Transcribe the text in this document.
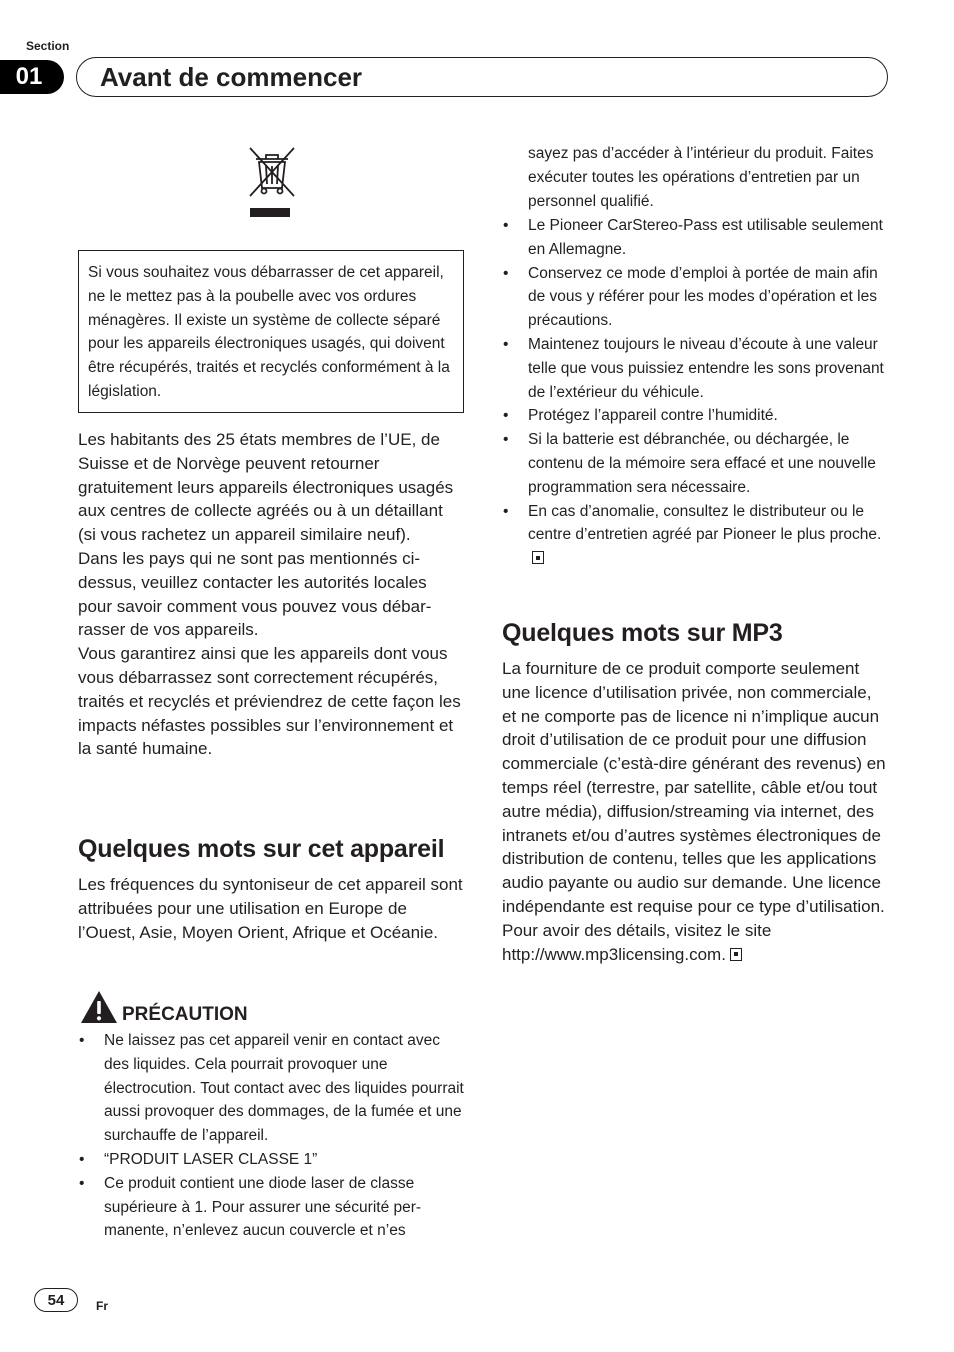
Section
01	Avant de commencer
Si vous souhaitez vous débarrasser de cet appareil, ne le mettez pas à la poubelle avec vos ordures ménagères. Il existe un système de collecte séparé pour les appareils électroniques usagés, qui doivent être récupérés, traités et recyclés conformément à la législation.
Les habitants des 25 états membres de l’UE, de Suisse et de Norvège peuvent retourner gratuitement leurs appareils électroniques usagés aux centres de collecte agréés ou à un détaillant (si vous rachetez un appareil similaire neuf).
Dans les pays qui ne sont pas mentionnés cidessus, veuillez contacter les autorités locales pour savoir comment vous pouvez vous débarrasser de vos appareils.
Vous garantirez ainsi que les appareils dont vous vous débarrassez sont correctement récupérés, traités et recyclés et préviendrez de cette façon les impacts néfastes possibles sur l’environnement et la santé humaine.
Quelques mots sur cet appareil
Les fréquences du syntoniseur de cet appareil sont attribuées pour une utilisation en Europe de l’Ouest, Asie, Moyen Orient, Afrique et Océanie.
PRÉCAUTION
• Ne laissez pas cet appareil venir en contact avec des liquides. Cela pourrait provoquer une électrocution. Tout contact avec des liquides pourrait aussi provoquer des dommages, de la fumée et une surchauffe de l’appareil.
• “PRODUIT LASER CLASSE 1”
• Ce produit contient une diode laser de classe supérieure à 1. Pour assurer une sécurité permanente, n’enlevez aucun couvercle et n’es
sayez pas d’accéder à l’intérieur du produit. Faites exécuter toutes les opérations d’entretien par un personnel qualifié.
• Le Pioneer CarStereo-Pass est utilisable seulement en Allemagne.
• Conservez ce mode d’emploi à portée de main afin de vous y référer pour les modes d’opération et les précautions.
• Maintenez toujours le niveau d’écoute à une valeur telle que vous puissiez entendre les sons provenant de l’extérieur du véhicule.
• Protégez l’appareil contre l’humidité.
• Si la batterie est débranchée, ou déchargée, le contenu de la mémoire sera effacé et une nouvelle programmation sera nécessaire.
• En cas d’anomalie, consultez le distributeur ou le centre d’entretien agréé par Pioneer le plus proche.
Quelques mots sur MP3
La fourniture de ce produit comporte seulement une licence d’utilisation privée, non commerciale, et ne comporte pas de licence ni n’implique aucun droit d’utilisation de ce produit pour une diffusion commerciale (c’està-dire générant des revenus) en temps réel (terrestre, par satellite, câble et/ou tout autre média), diffusion/streaming via internet, des intranets et/ou d’autres systèmes électroniques de distribution de contenu, telles que les applications audio payante ou audio sur demande. Une licence indépendante est requise pour ce type d’utilisation. Pour avoir des détails, visitez le site
http://www.mp3licensing.com.
54	Fr
